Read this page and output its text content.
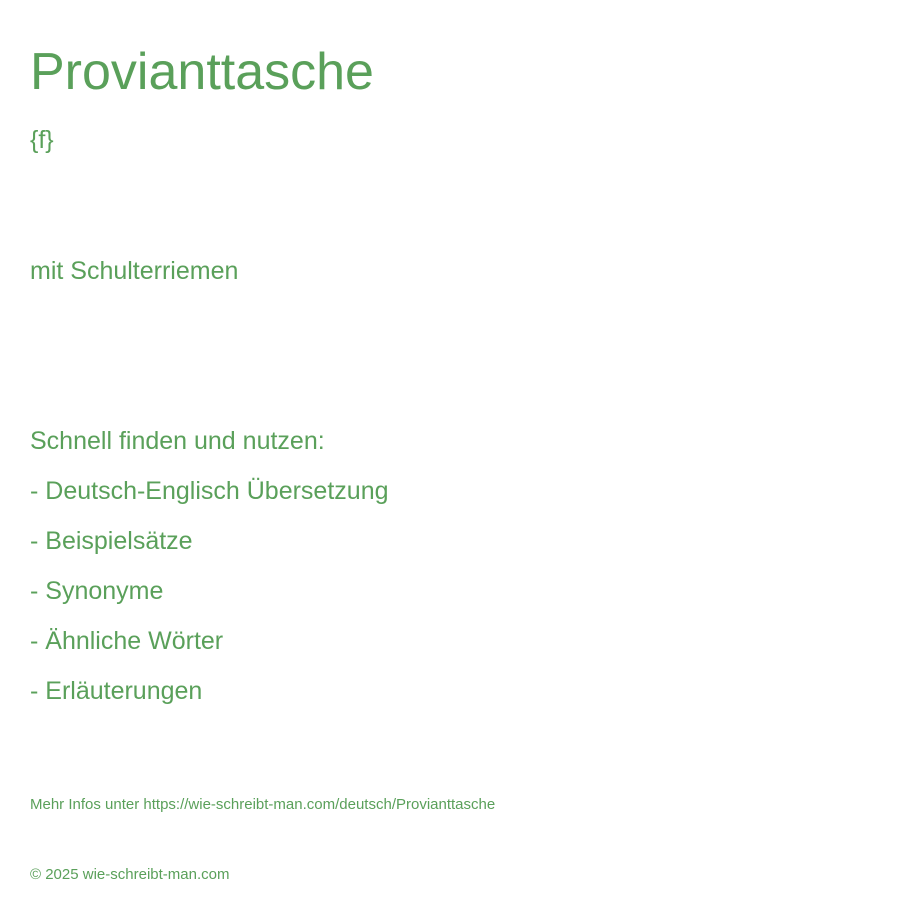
Provianttasche
{f}
mit Schulterriemen
Schnell finden und nutzen:
- Deutsch-Englisch Übersetzung
- Beispielsätze
- Synonyme
- Ähnliche Wörter
- Erläuterungen
Mehr Infos unter https://wie-schreibt-man.com/deutsch/Provianttasche
© 2025 wie-schreibt-man.com
